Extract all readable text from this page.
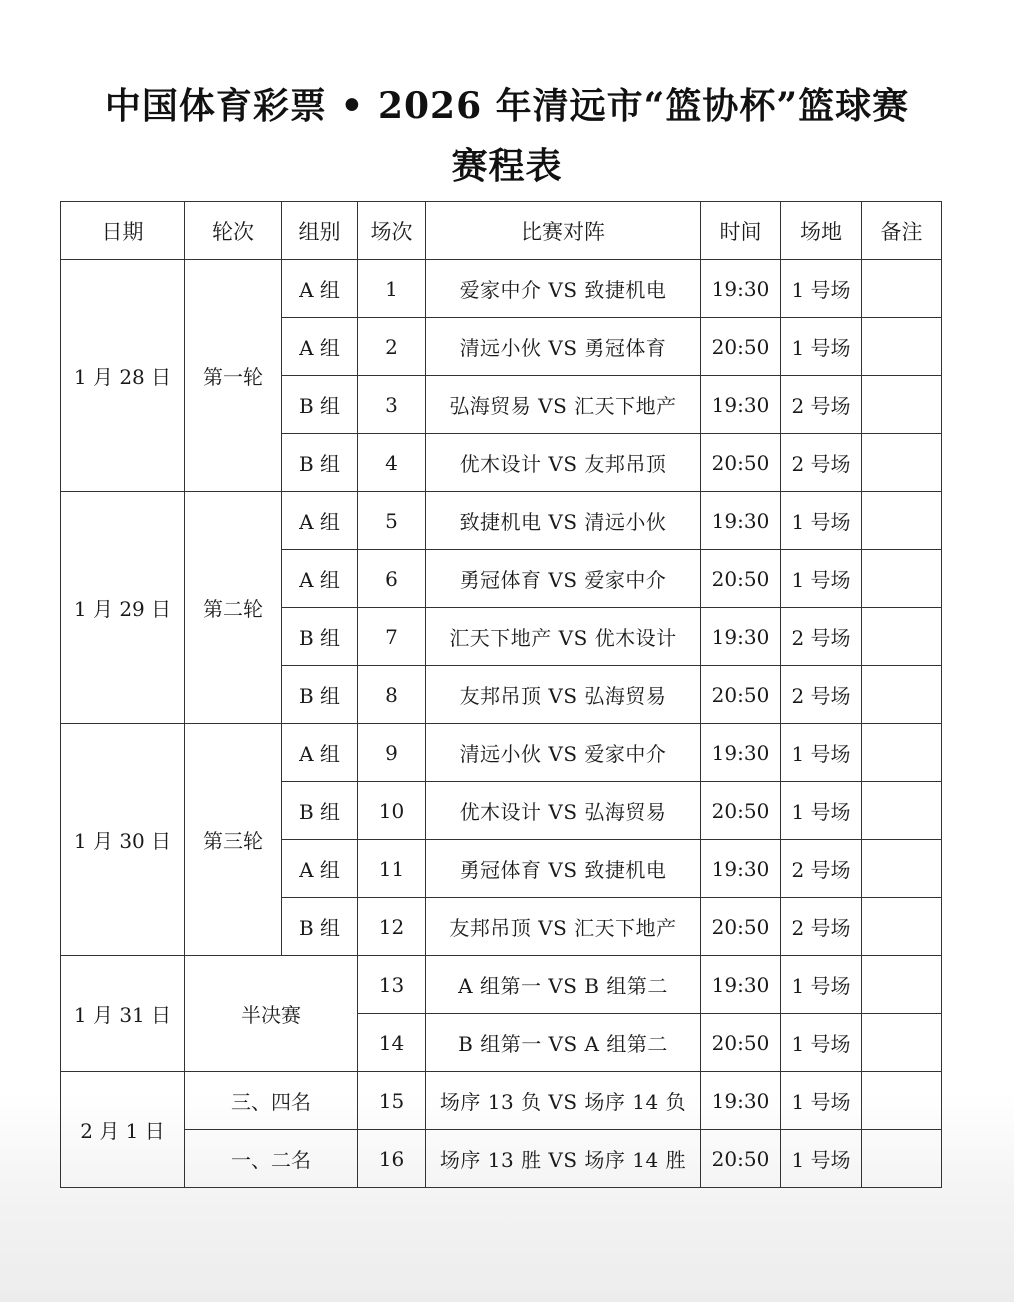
中国体育彩票 • 2026 年清远市“篮协杯”篮球赛
赛程表
日期	轮次	组别	场次	比赛对阵	时间	场地	备注
1 月 28 日	第一轮	A 组	1	爱家中介 VS 致捷机电	19:30	1 号场	
		A 组	2	清远小伙 VS 勇冠体育	20:50	1 号场	
		B 组	3	弘海贸易 VS 汇天下地产	19:30	2 号场	
		B 组	4	优木设计 VS 友邦吊顶	20:50	2 号场	
1 月 29 日	第二轮	A 组	5	致捷机电 VS 清远小伙	19:30	1 号场	
		A 组	6	勇冠体育 VS 爱家中介	20:50	1 号场	
		B 组	7	汇天下地产 VS 优木设计	19:30	2 号场	
		B 组	8	友邦吊顶 VS 弘海贸易	20:50	2 号场	
1 月 30 日	第三轮	A 组	9	清远小伙 VS 爱家中介	19:30	1 号场	
		B 组	10	优木设计 VS 弘海贸易	20:50	1 号场	
		A 组	11	勇冠体育 VS 致捷机电	19:30	2 号场	
		B 组	12	友邦吊顶 VS 汇天下地产	20:50	2 号场	
1 月 31 日	半决赛		13	A 组第一 VS B 组第二	19:30	1 号场	
			14	B 组第一 VS A 组第二	20:50	1 号场	
2 月 1 日	三、四名		15	场序 13 负 VS 场序 14 负	19:30	1 号场	
	一、二名		16	场序 13 胜 VS 场序 14 胜	20:50	1 号场	
